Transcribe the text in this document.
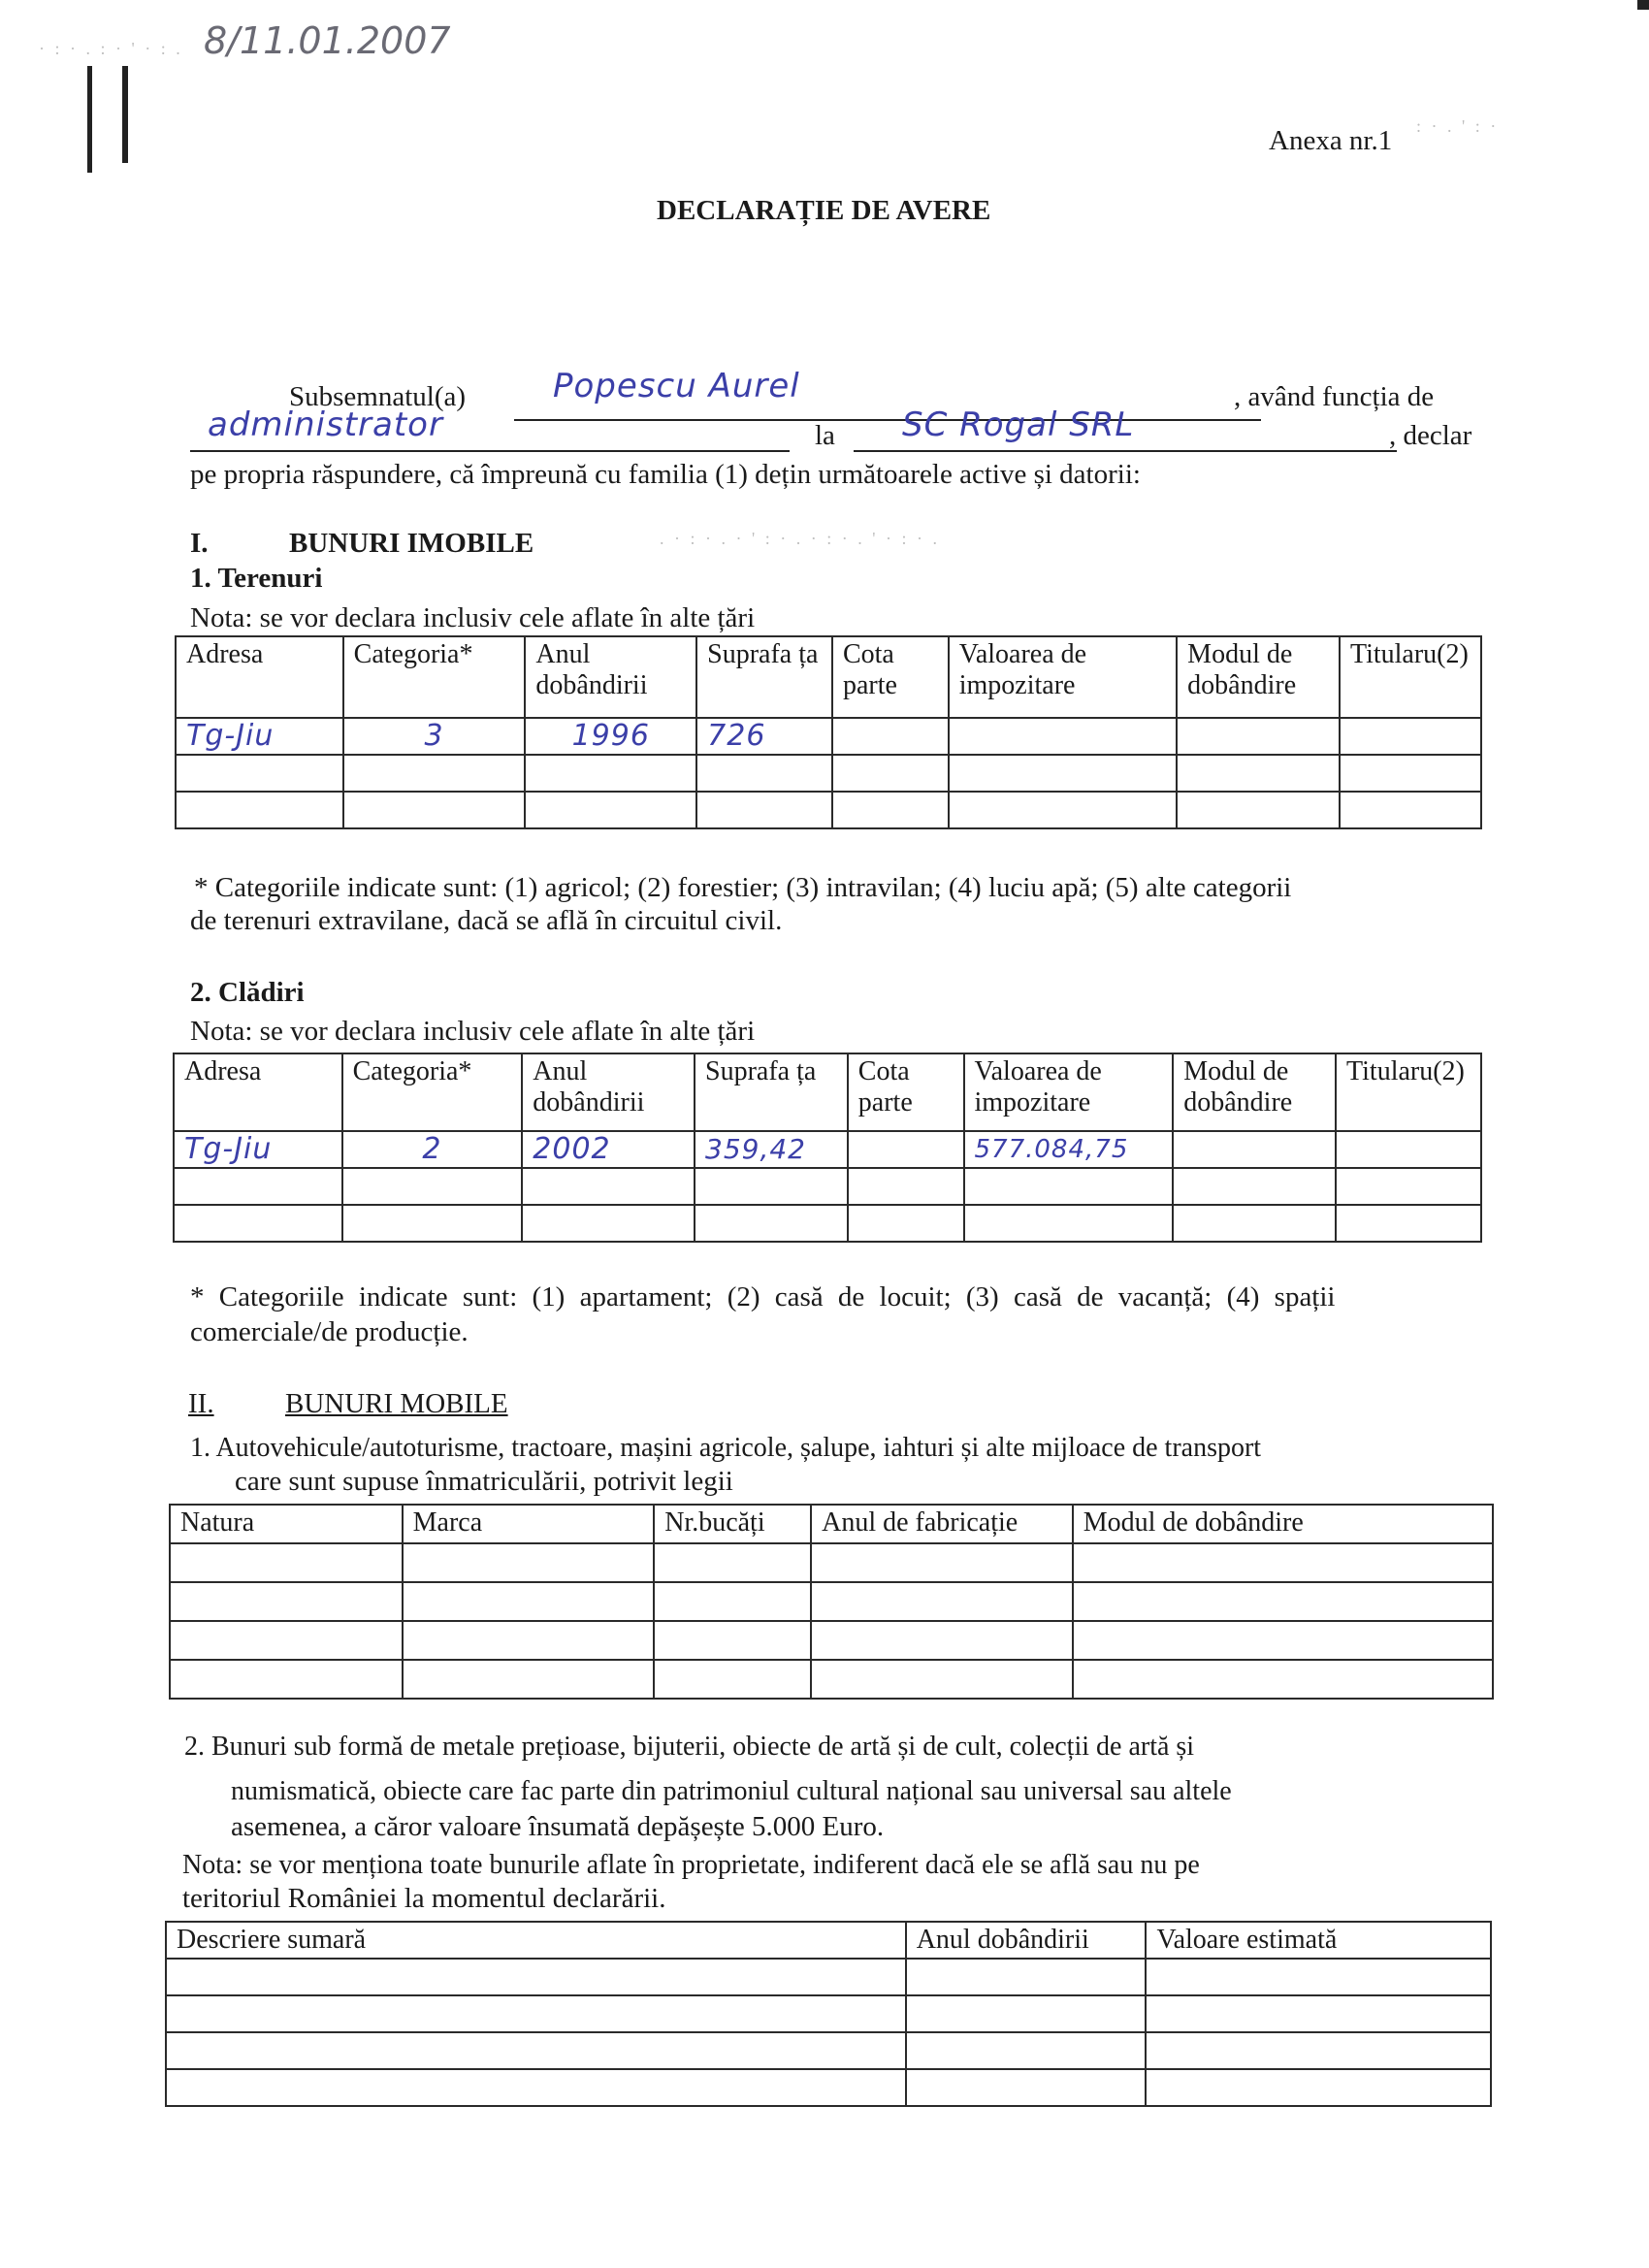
· : · . : · ' · : .
: · . ' : ·
. · : · . · ' : · . · : · . ' · : · .
8/11.01.2007
Anexa nr.1
DECLARAȚIE DE AVERE
Subsemnatul(a)	Popescu Aurel	, având funcția de
administrator	la SC Rogal SRL	, declar
pe propria răspundere, că împreună cu familia (1) dețin următoarele active și datorii:
I.	BUNURI IMOBILE
1. Terenuri
Nota: se vor declara inclusiv cele aflate în alte țări
Adresa	Categoria*	Anul dobândirii	Suprafa ța	Cota parte	Valoarea de impozitare	Modul de dobândire	Titularu(2)
Tg-Jiu	3	1996	726				

* Categoriile indicate sunt: (1) agricol; (2) forestier; (3) intravilan; (4) luciu apă; (5) alte categorii
de terenuri extravilane, dacă se află în circuitul civil.
2. Clădiri
Nota: se vor declara inclusiv cele aflate în alte țări
Adresa	Categoria*	Anul dobândirii	Suprafa ța	Cota parte	Valoarea de impozitare	Modul de dobândire	Titularu(2)
Tg-Jiu	2	2002	359,42		577.084,75		

* Categoriile indicate sunt: (1) apartament; (2) casă de locuit; (3) casă de vacanță; (4) spații
comerciale/de producție.
II.	BUNURI MOBILE
1. Autovehicule/autoturisme, tractoare, mașini agricole, șalupe, iahturi și alte mijloace de transport
care sunt supuse înmatriculării, potrivit legii
Natura	Marca	Nr.bucăți	Anul de fabricație	Modul de dobândire

2. Bunuri sub formă de metale prețioase, bijuterii, obiecte de artă și de cult, colecții de artă și
numismatică, obiecte care fac parte din patrimoniul cultural național sau universal sau altele
asemenea, a căror valoare însumată depășește 5.000 Euro.
Nota: se vor menționa toate bunurile aflate în proprietate, indiferent dacă ele se află sau nu pe
teritoriul României la momentul declarării.
Descriere sumară	Anul dobândirii	Valoare estimată
